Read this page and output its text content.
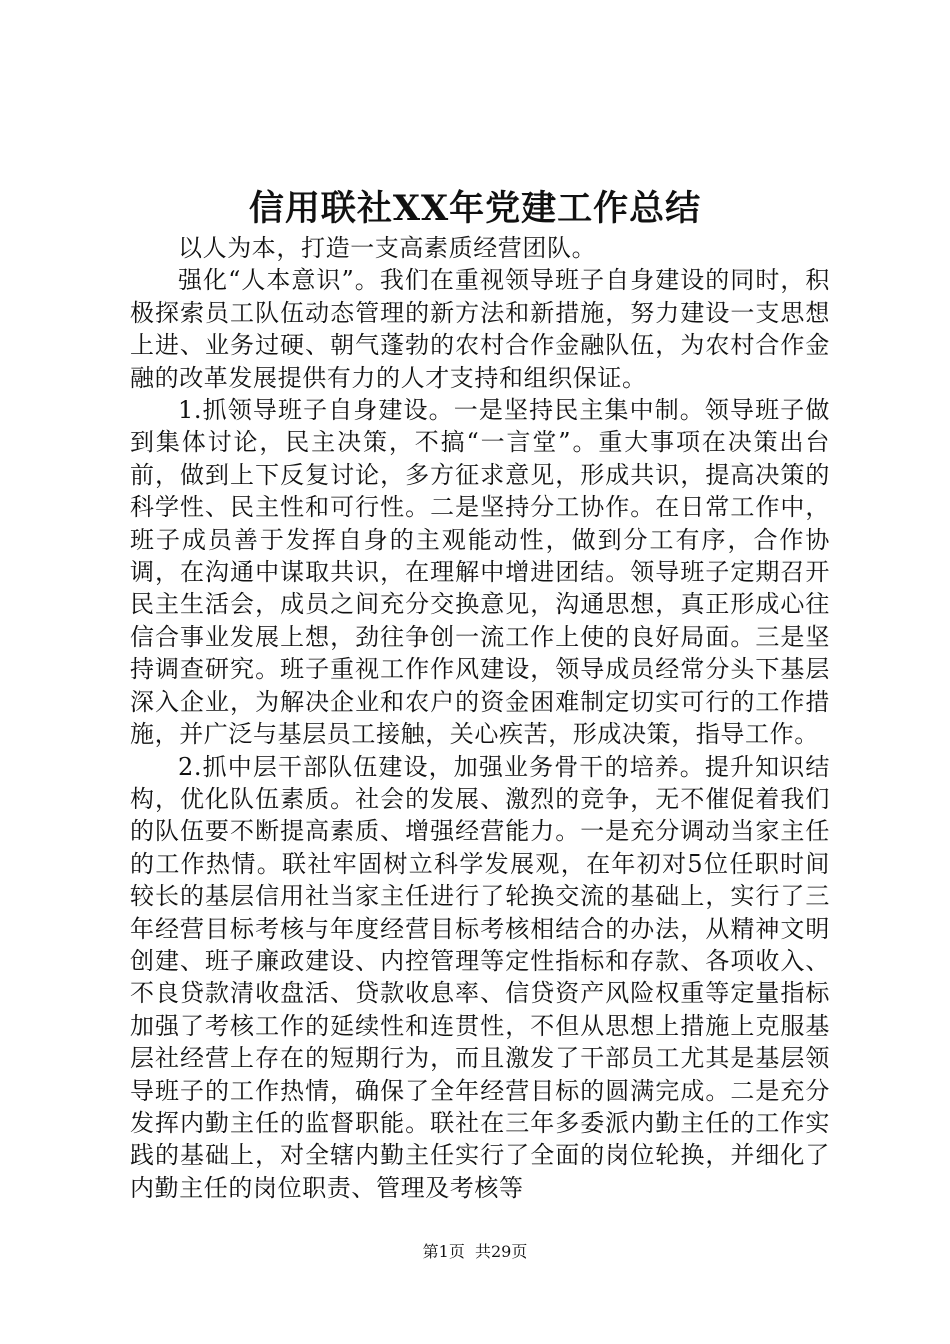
信用联社XX年党建工作总结

以人为本，打造一支高素质经营团队。

强化“人本意识”。我们在重视领导班子自身建设的同时，积极探索员工队伍动态管理的新方法和新措施，努力建设一支思想上进、业务过硬、朝气蓬勃的农村合作金融队伍，为农村合作金融的改革发展提供有力的人才支持和组织保证。

1.抓领导班子自身建设。一是坚持民主集中制。领导班子做到集体讨论，民主决策，不搞“一言堂”。重大事项在决策出台前，做到上下反复讨论，多方征求意见，形成共识，提高决策的科学性、民主性和可行性。二是坚持分工协作。在日常工作中，班子成员善于发挥自身的主观能动性，做到分工有序，合作协调，在沟通中谋取共识，在理解中增进团结。领导班子定期召开民主生活会，成员之间充分交换意见，沟通思想，真正形成心往信合事业发展上想，劲往争创一流工作上使的良好局面。三是坚持调查研究。班子重视工作作风建设，领导成员经常分头下基层深入企业，为解决企业和农户的资金困难制定切实可行的工作措施，并广泛与基层员工接触，关心疾苦，形成决策，指导工作。

2.抓中层干部队伍建设，加强业务骨干的培养。提升知识结构，优化队伍素质。社会的发展、激烈的竞争，无不催促着我们的队伍要不断提高素质、增强经营能力。一是充分调动当家主任的工作热情。联社牢固树立科学发展观，在年初对5位任职时间较长的基层信用社当家主任进行了轮换交流的基础上，实行了三年经营目标考核与年度经营目标考核相结合的办法，从精神文明创建、班子廉政建设、内控管理等定性指标和存款、各项收入、不良贷款清收盘活、贷款收息率、信贷资产风险权重等定量指标加强了考核工作的延续性和连贯性，不但从思想上措施上克服基层社经营上存在的短期行为，而且激发了干部员工尤其是基层领导班子的工作热情，确保了全年经营目标的圆满完成。二是充分发挥内勤主任的监督职能。联社在三年多委派内勤主任的工作实践的基础上，对全辖内勤主任实行了全面的岗位轮换，并细化了内勤主任的岗位职责、管理及考核等

第1页  共29页
